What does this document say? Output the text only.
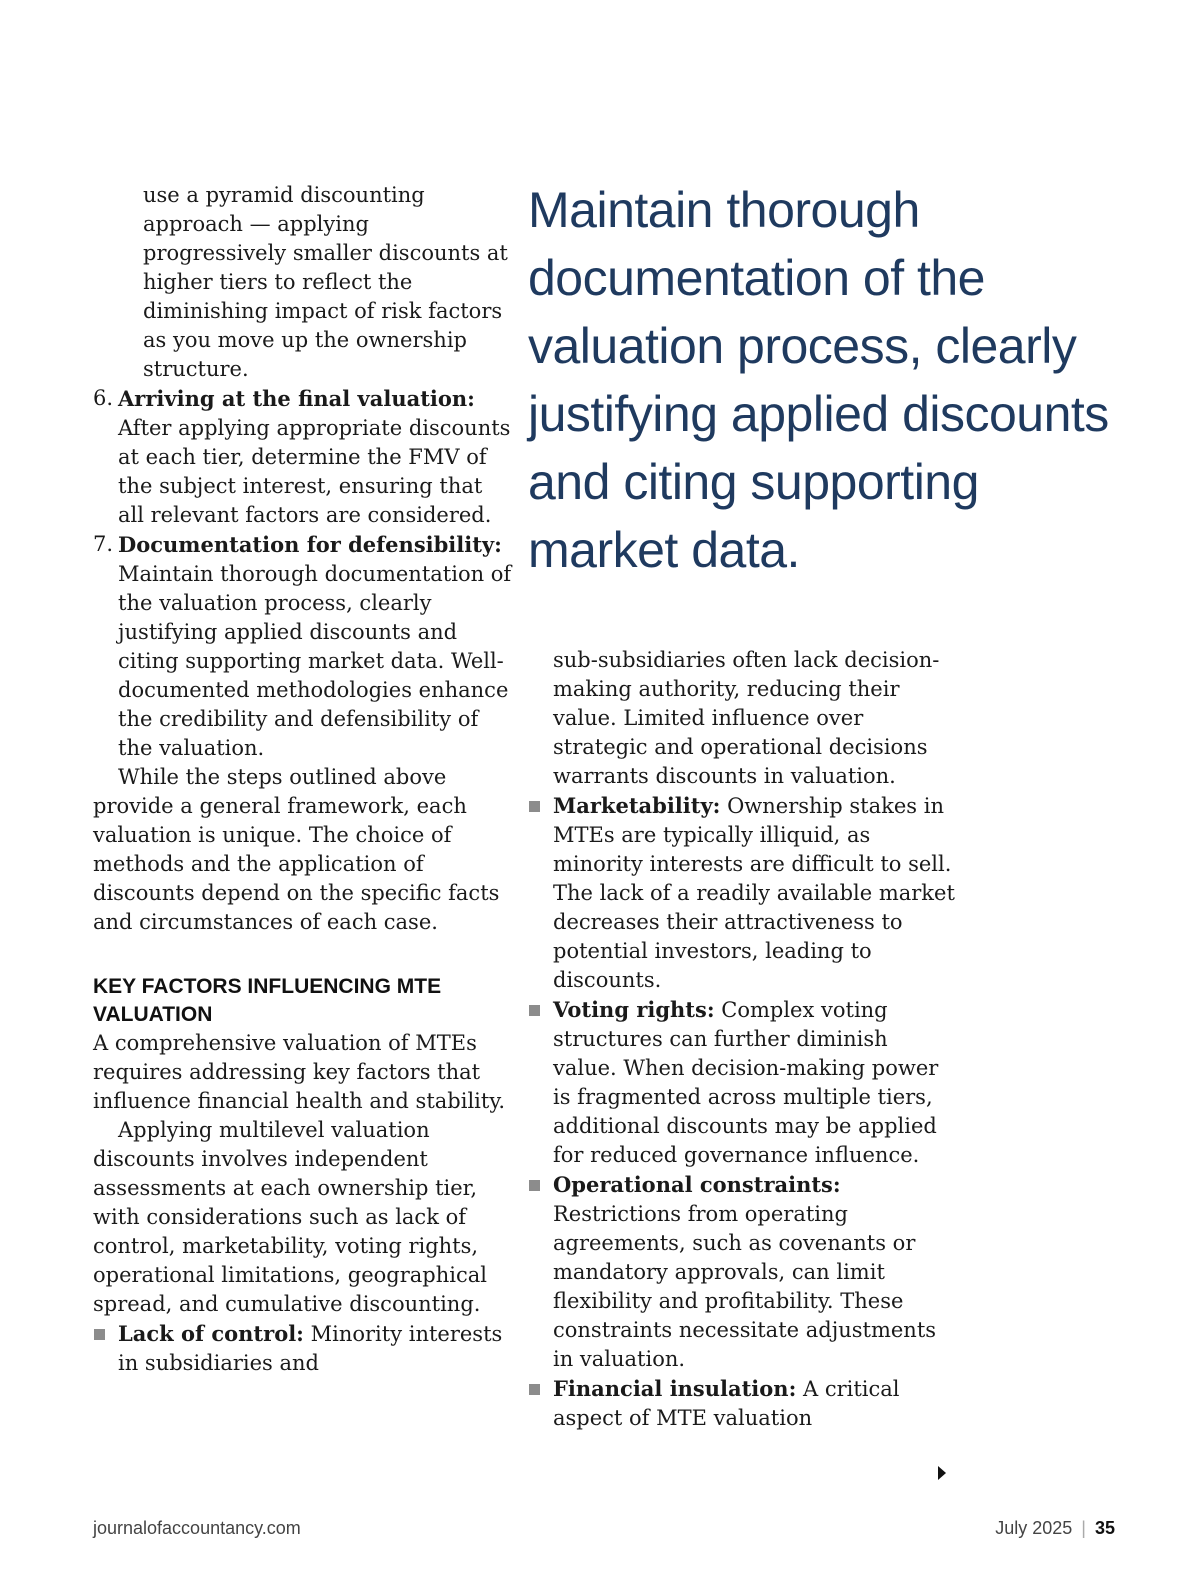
use a pyramid discounting approach — applying progressively smaller discounts at higher tiers to reflect the diminishing impact of risk factors as you move up the ownership structure.

6. Arriving at the final valuation: After applying appropriate discounts at each tier, determine the FMV of the subject interest, ensuring that all relevant factors are considered.
7. Documentation for defensibility: Maintain thorough documentation of the valuation process, clearly justifying applied discounts and citing supporting market data. Well-documented methodologies enhance the credibility and defensibility of the valuation.

While the steps outlined above provide a general framework, each valuation is unique. The choice of methods and the application of discounts depend on the specific facts and circumstances of each case.

KEY FACTORS INFLUENCING MTE VALUATION

A comprehensive valuation of MTEs requires addressing key factors that influence financial health and stability.

Applying multilevel valuation discounts involves independent assessments at each ownership tier, with considerations such as lack of control, marketability, voting rights, operational limitations, geographical spread, and cumulative discounting.

Lack of control: Minority interests in subsidiaries and

Maintain thorough documentation of the valuation process, clearly justifying applied discounts and citing supporting market data.

sub-subsidiaries often lack decision-making authority, reducing their value. Limited influence over strategic and operational decisions warrants discounts in valuation.

Marketability: Ownership stakes in MTEs are typically illiquid, as minority interests are difficult to sell. The lack of a readily available market decreases their attractiveness to potential investors, leading to discounts.
Voting rights: Complex voting structures can further diminish value. When decision-making power is fragmented across multiple tiers, additional discounts may be applied for reduced governance influence.
Operational constraints: Restrictions from operating agreements, such as covenants or mandatory approvals, can limit flexibility and profitability. These constraints necessitate adjustments in valuation.
Financial insulation: A critical aspect of MTE valuation
journalofaccountancy.com	July 2025 | 35
